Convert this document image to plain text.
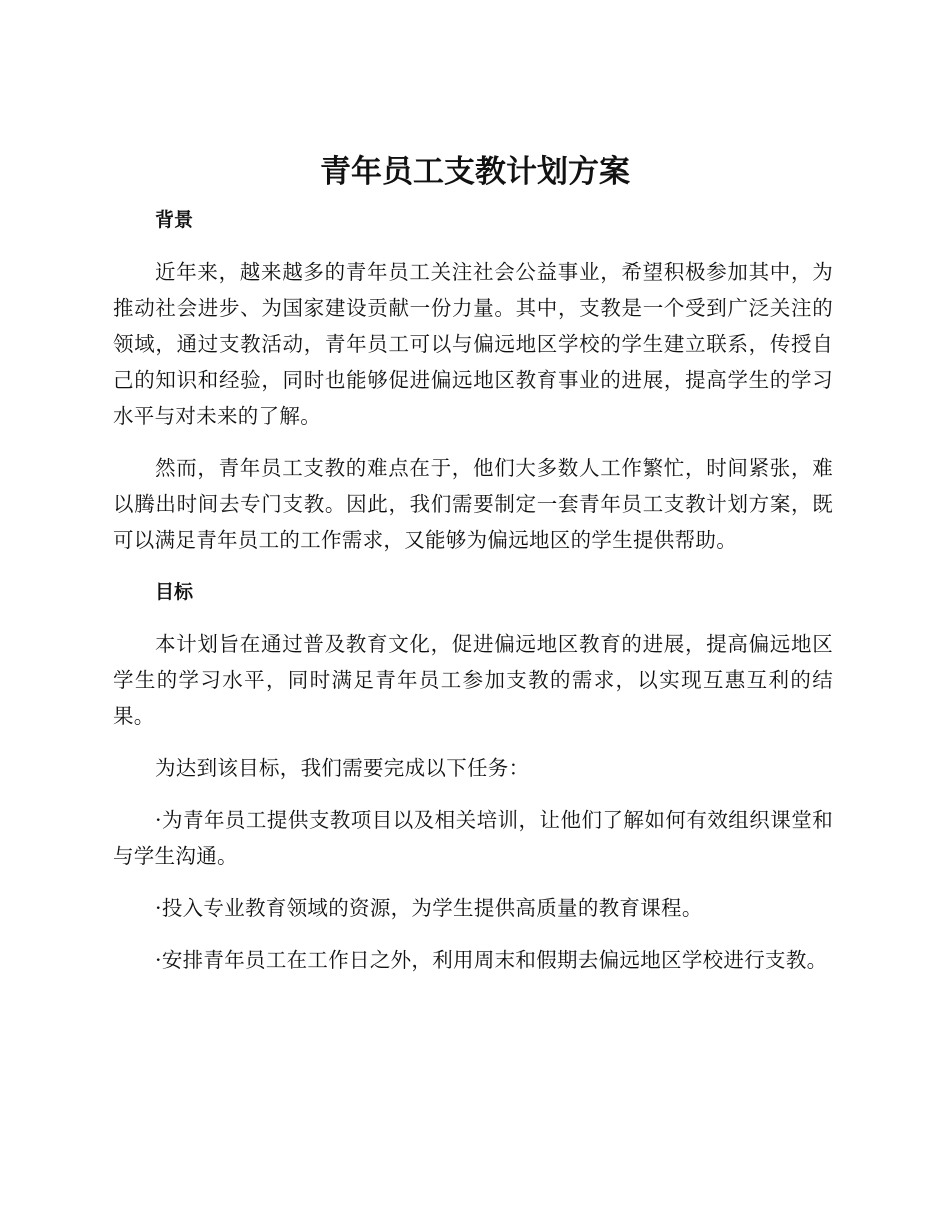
青年员工支教计划方案
背景

近年来，越来越多的青年员工关注社会公益事业，希望积极参加其中，为推动社会进步、为国家建设贡献一份力量。其中，支教是一个受到广泛关注的领域，通过支教活动，青年员工可以与偏远地区学校的学生建立联系，传授自己的知识和经验，同时也能够促进偏远地区教育事业的进展，提高学生的学习水平与对未来的了解。

然而，青年员工支教的难点在于，他们大多数人工作繁忙，时间紧张，难以腾出时间去专门支教。因此，我们需要制定一套青年员工支教计划方案，既可以满足青年员工的工作需求，又能够为偏远地区的学生提供帮助。

目标

本计划旨在通过普及教育文化，促进偏远地区教育的进展，提高偏远地区学生的学习水平，同时满足青年员工参加支教的需求，以实现互惠互利的结果。

为达到该目标，我们需要完成以下任务：

·为青年员工提供支教项目以及相关培训，让他们了解如何有效组织课堂和与学生沟通。

·投入专业教育领域的资源，为学生提供高质量的教育课程。

·安排青年员工在工作日之外，利用周末和假期去偏远地区学校进行支教。
